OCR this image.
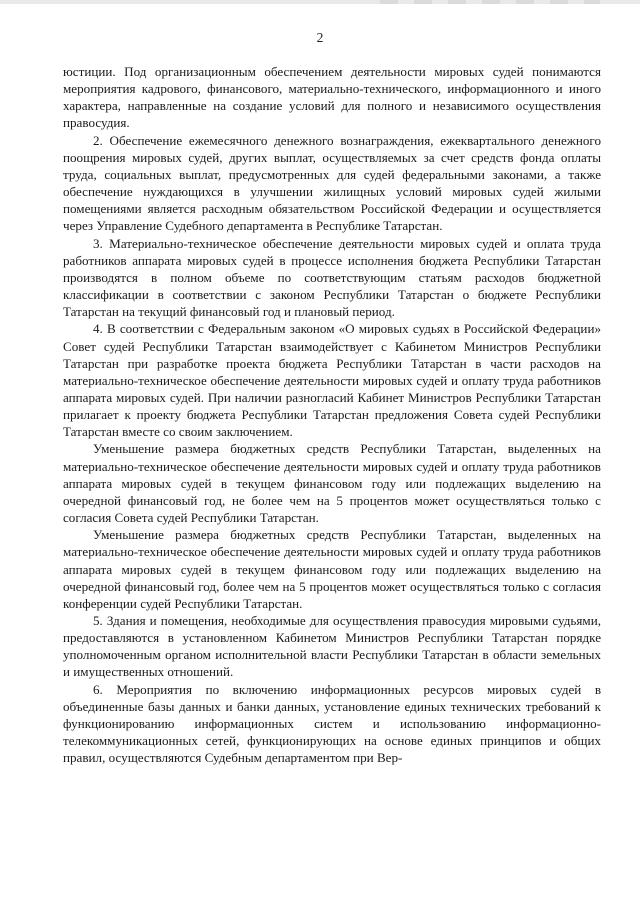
2

юстиции. Под организационным обеспечением деятельности мировых судей понимаются мероприятия кадрового, финансового, материально-технического, информационного и иного характера, направленные на создание условий для полного и независимого осуществления правосудия.

2. Обеспечение ежемесячного денежного вознаграждения, ежеквартального денежного поощрения мировых судей, других выплат, осуществляемых за счет средств фонда оплаты труда, социальных выплат, предусмотренных для судей федеральными законами, а также обеспечение нуждающихся в улучшении жилищных условий мировых судей жилыми помещениями является расходным обязательством Российской Федерации и осуществляется через Управление Судебного департамента в Республике Татарстан.

3. Материально-техническое обеспечение деятельности мировых судей и оплата труда работников аппарата мировых судей в процессе исполнения бюджета Республики Татарстан производятся в полном объеме по соответствующим статьям расходов бюджетной классификации в соответствии с законом Республики Татарстан о бюджете Республики Татарстан на текущий финансовый год и плановый период.

4. В соответствии с Федеральным законом «О мировых судьях в Российской Федерации» Совет судей Республики Татарстан взаимодействует с Кабинетом Министров Республики Татарстан при разработке проекта бюджета Республики Татарстан в части расходов на материально-техническое обеспечение деятельности мировых судей и оплату труда работников аппарата мировых судей. При наличии разногласий Кабинет Министров Республики Татарстан прилагает к проекту бюджета Республики Татарстан предложения Совета судей Республики Татарстан вместе со своим заключением.

Уменьшение размера бюджетных средств Республики Татарстан, выделенных на материально-техническое обеспечение деятельности мировых судей и оплату труда работников аппарата мировых судей в текущем финансовом году или подлежащих выделению на очередной финансовый год, не более чем на 5 процентов может осуществляться только с согласия Совета судей Республики Татарстан.

Уменьшение размера бюджетных средств Республики Татарстан, выделенных на материально-техническое обеспечение деятельности мировых судей и оплату труда работников аппарата мировых судей в текущем финансовом году или подлежащих выделению на очередной финансовый год, более чем на 5 процентов может осуществляться только с согласия конференции судей Республики Татарстан.

5. Здания и помещения, необходимые для осуществления правосудия мировыми судьями, предоставляются в установленном Кабинетом Министров Республики Татарстан порядке уполномоченным органом исполнительной власти Республики Татарстан в области земельных и имущественных отношений.

6. Мероприятия по включению информационных ресурсов мировых судей в объединенные базы данных и банки данных, установление единых технических требований к функционированию информационных систем и использованию информационно-телекоммуникационных сетей, функционирующих на основе единых принципов и общих правил, осуществляются Судебным департаментом при Вер-
